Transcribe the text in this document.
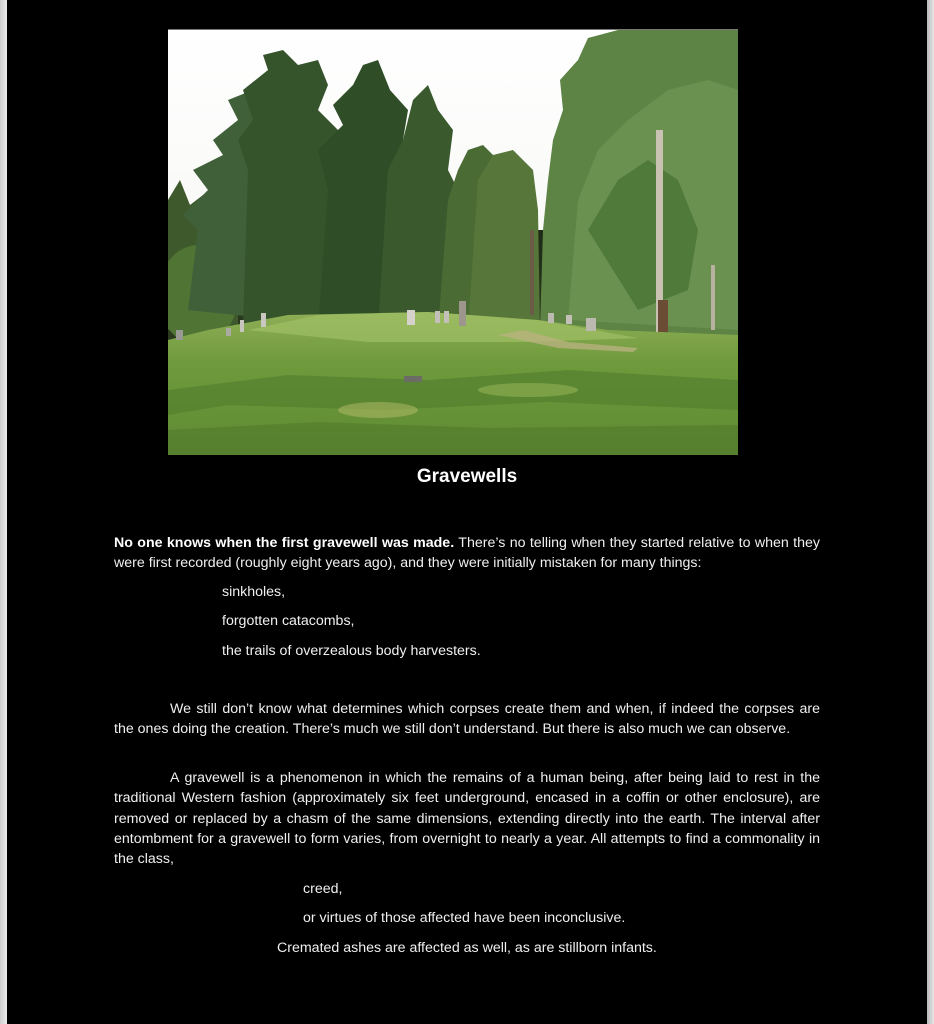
Gravewells
No one knows when the first gravewell was made. There’s no telling when they started relative to when they were first recorded (roughly eight years ago), and they were initially mistaken for many things:
sinkholes,
forgotten catacombs,
the trails of overzealous body harvesters.
We still don’t know what determines which corpses create them and when, if indeed the corpses are the ones doing the creation. There’s much we still don’t understand. But there is also much we can observe.
A gravewell is a phenomenon in which the remains of a human being, after being laid to rest in the traditional Western fashion (approximately six feet underground, encased in a coffin or other enclosure), are removed or replaced by a chasm of the same dimensions, extending directly into the earth. The interval after entombment for a gravewell to form varies, from overnight to nearly a year. All attempts to find a commonality in the class,
creed,
or virtues of those affected have been inconclusive.
Cremated ashes are affected as well, as are stillborn infants.
